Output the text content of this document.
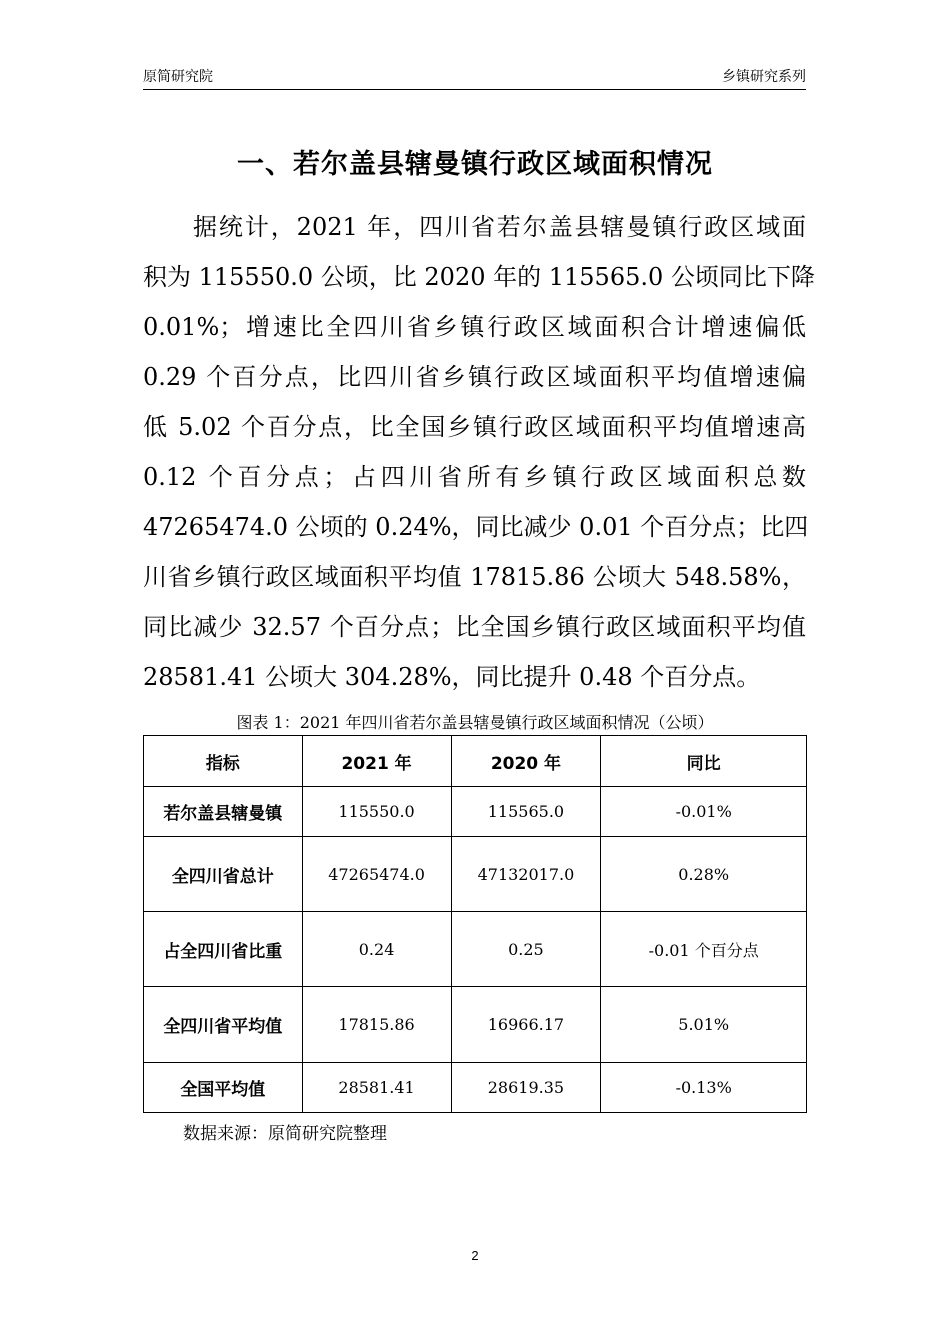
原简研究院	乡镇研究系列
一、若尔盖县辖曼镇行政区域面积情况
据统计，2021 年，四川省若尔盖县辖曼镇行政区域面
积为 115550.0 公顷，比 2020 年的 115565.0 公顷同比下降
0.01%；增速比全四川省乡镇行政区域面积合计增速偏低
0.29 个百分点，比四川省乡镇行政区域面积平均值增速偏
低 5.02 个百分点，比全国乡镇行政区域面积平均值增速高
0.12 个百分点；占四川省所有乡镇行政区域面积总数
47265474.0 公顷的 0.24%，同比减少 0.01 个百分点；比四
川省乡镇行政区域面积平均值 17815.86 公顷大 548.58%，
同比减少 32.57 个百分点；比全国乡镇行政区域面积平均值
28581.41 公顷大 304.28%，同比提升 0.48 个百分点。
图表 1：2021 年四川省若尔盖县辖曼镇行政区域面积情况（公顷）
指标	2021 年	2020 年	同比
若尔盖县辖曼镇	115550.0	115565.0	-0.01%
全四川省总计	47265474.0	47132017.0	0.28%
占全四川省比重	0.24	0.25	-0.01 个百分点
全四川省平均值	17815.86	16966.17	5.01%
全国平均值	28581.41	28619.35	-0.13%
数据来源：原简研究院整理
2
